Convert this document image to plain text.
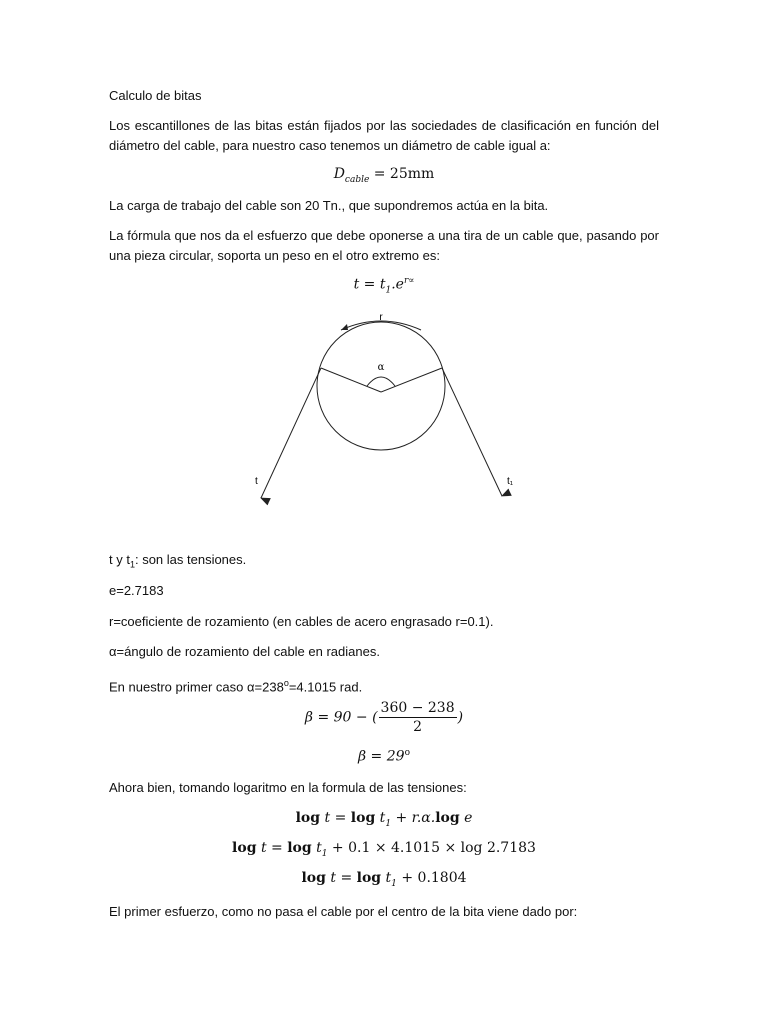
Calculo de bitas

Los escantillones de las bitas están fijados por las sociedades de clasificación en función del diámetro del cable, para nuestro caso tenemos un diámetro de cable igual a:

$D_{cable} = 25mm$

La carga de trabajo del cable son 20 Tn., que supondremos actúa en la bita.

La fórmula que nos da el esfuerzo que debe oponerse a una tira de un cable que, pasando por una pieza circular, soporta un peso en el otro extremo es:

$t = t_1.e^{r\propto}$

r
α
t	t₁

t y $t_1$: son las tensiones.

e=2.7183

r=coeficiente de rozamiento (en cables de acero engrasado r=0.1).

α=ángulo de rozamiento del cable en radianes.

En nuestro primer caso $\alpha=238^o=4.1015$ rad.

β = 90 − ( $\frac{360 - 238}{2}$ )

$\beta = 29^o$

Ahora bien, tomando logaritmo en la formula de las tensiones:

$\log t = \log t_1 + r.\alpha.\log$ e

$\log t = \log t_1 + 0.1 \times 4.1015 \times \log 2.7183$

$\log t = \log t_1 + 0.1804$

El primer esfuerzo, como no pasa el cable por el centro de la bita viene dado por:
